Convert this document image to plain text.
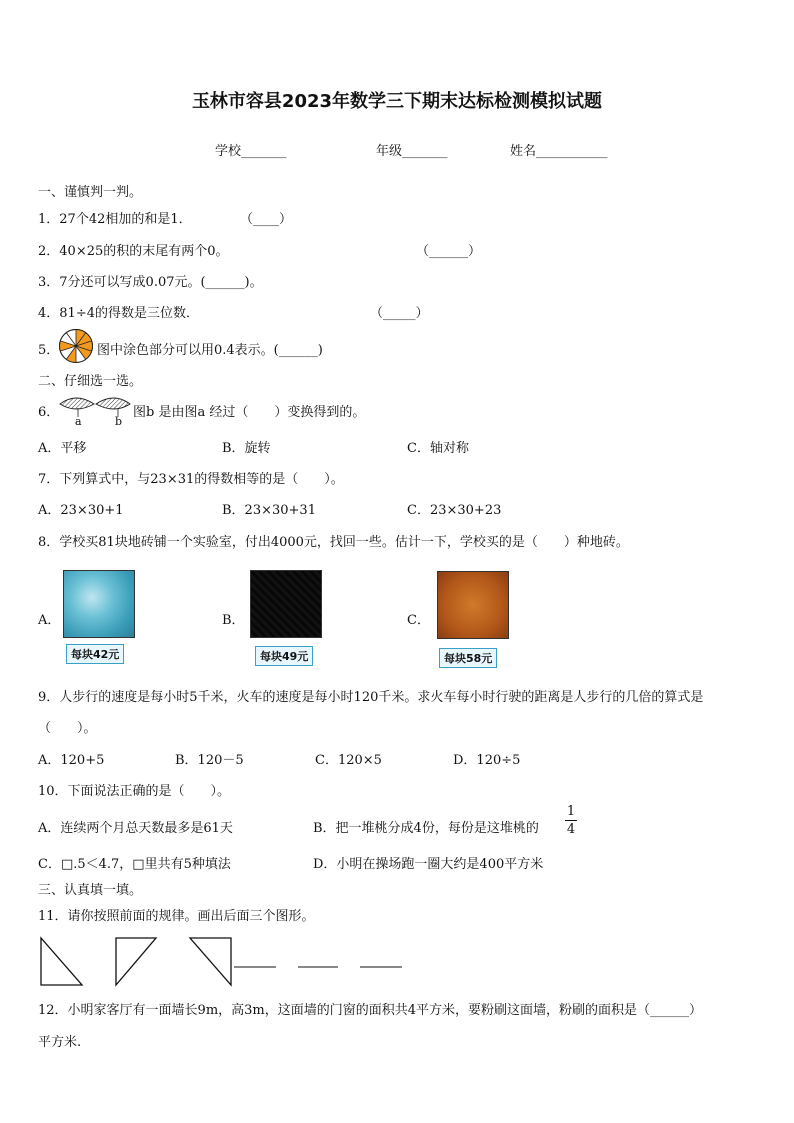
玉林市容县2023年数学三下期末达标检测模拟试题
学校_______	年级_______	姓名___________
一、谨慎判一判。
1．27个42相加的和是1．	（____）
2．40×25的积的末尾有两个0。	（______）
3．7分还可以写成0.07元。(______)。
4．81÷4的得数是三位数．	（_____）
5．	图中涂色部分可以用0.4表示。(______)
二、仔细选一选。
6．
a	b
图b 是由图a 经过（　　）变换得到的。
A．平移	B．旋转	C．轴对称
7．下列算式中，与23×31的得数相等的是（　　）。
A．23×30+1	B．23×30+31	C．23×30+23
8．学校买81块地砖铺一个实验室，付出4000元，找回一些。估计一下，学校买的是（　　）种地砖。
A．
每块42元
B．
每块49元
C．
每块58元
9．人步行的速度是每小时5千米，火车的速度是每小时120千米。求火车每小时行驶的距离是人步行的几倍的算式是
（　　）。
A．120+5	B．120－5	C．120×5	D．120÷5
10．下面说法正确的是（　　）。
A．连续两个月总天数最多是61天	B．把一堆桃分成4份，每份是这堆桃的
1
4
C．□.5＜4.7，□里共有5种填法	D．小明在操场跑一圈大约是400平方米
三、认真填一填。
11．请你按照前面的规律。画出后面三个图形。
12．小明家客厅有一面墙长9m，高3m，这面墙的门窗的面积共4平方米，要粉刷这面墙，粉刷的面积是（______）
平方米.
